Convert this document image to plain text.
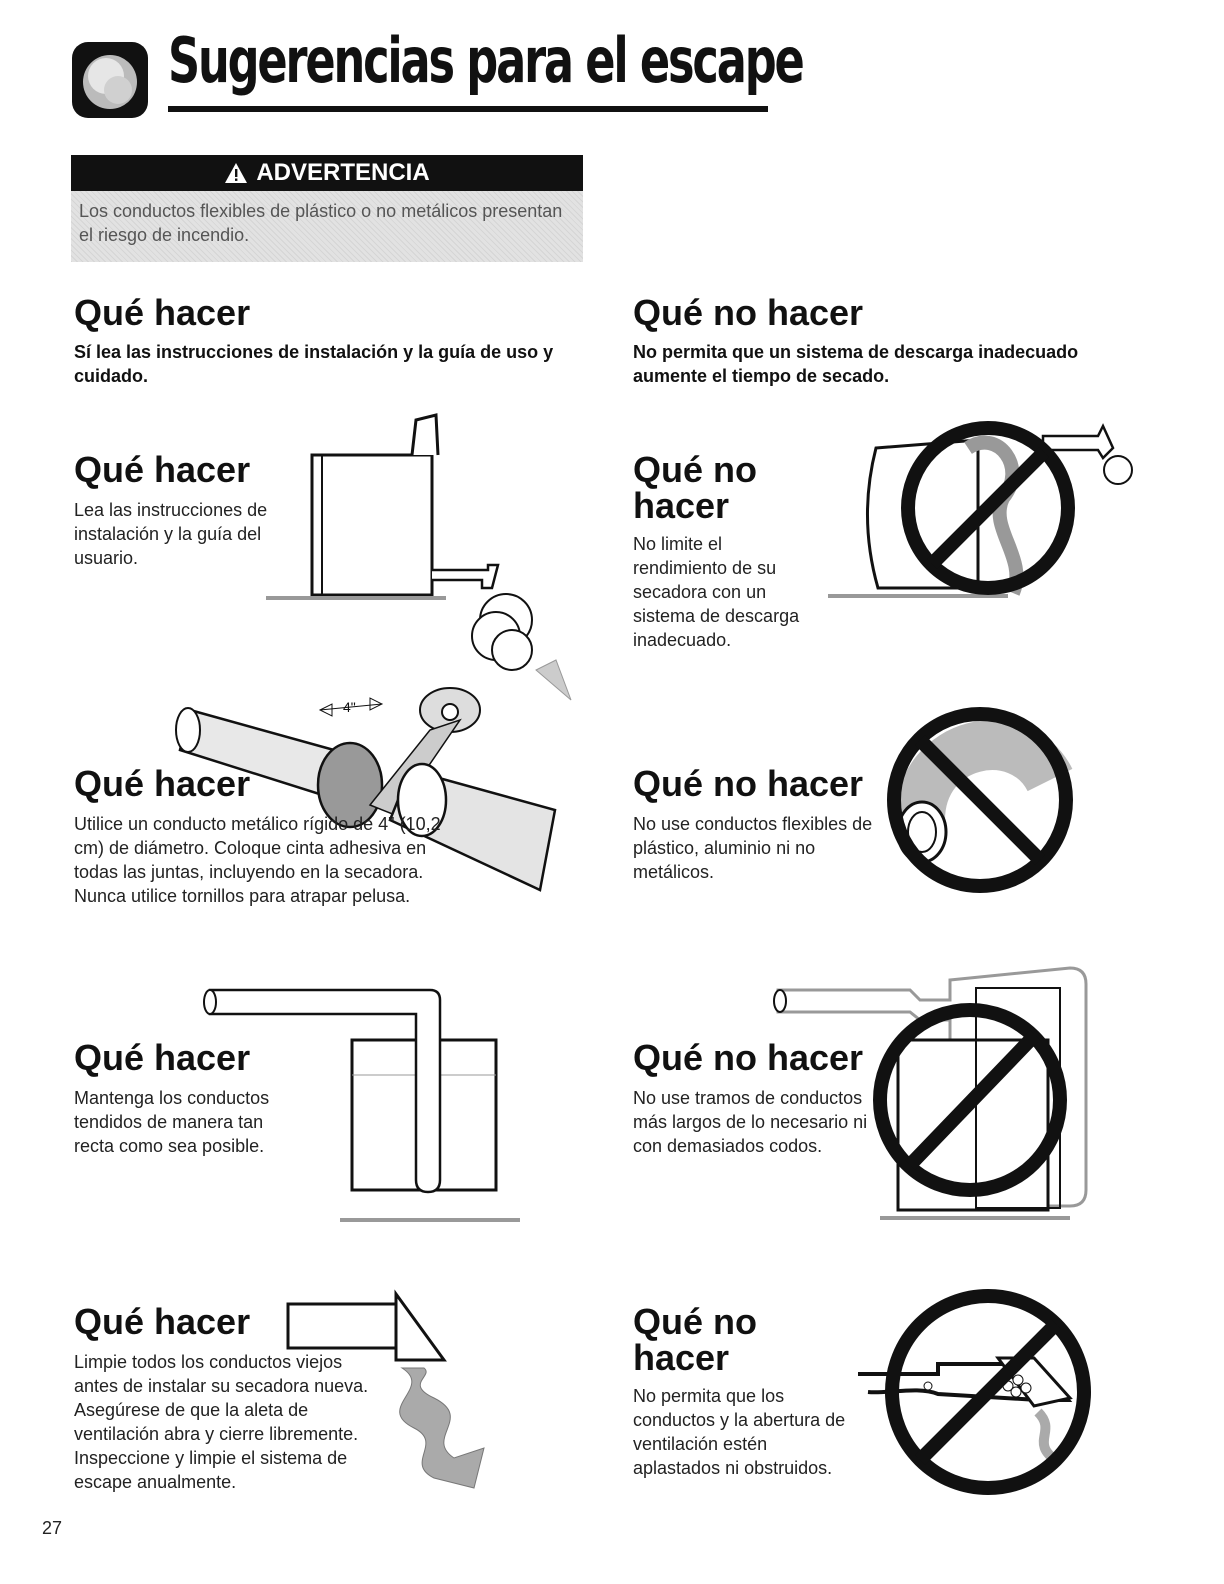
Sugerencias para el escape
ADVERTENCIA

Los conductos flexibles de plástico o no metálicos presentan el riesgo de incendio.

Qué hacer

Sí lea las instrucciones de instalación y la guía de uso y cuidado.

Qué no hacer

No permita que un sistema de descarga inadecuado aumente el tiempo de secado.

Qué hacer

Lea las instrucciones de instalación y la guía del usuario.

4"
Qué hacer

Utilice un conducto metálico rígido de 4" (10,2 cm) de diámetro. Coloque cinta adhesiva en todas las juntas, incluyendo en la secadora. Nunca utilice tornillos para atrapar pelusa.

Qué hacer

Mantenga los conductos tendidos de manera tan recta como sea posible.

Qué hacer

Limpie todos los conductos viejos antes de instalar su secadora nueva. Asegúrese de que la aleta de ventilación abra y cierre libremente. Inspeccione y limpie el sistema de escape anualmente.

Qué no
hacer

No limite el rendimiento de su secadora con un sistema de descarga inadecuado.

Qué no hacer

No use conductos flexibles de plástico, aluminio ni no metálicos.

Qué no hacer

No use tramos de conductos más largos de lo necesario ni con demasiados codos.

Qué no
hacer

No permita que los conductos y la abertura de ventilación estén aplastados ni obstruidos.

27
